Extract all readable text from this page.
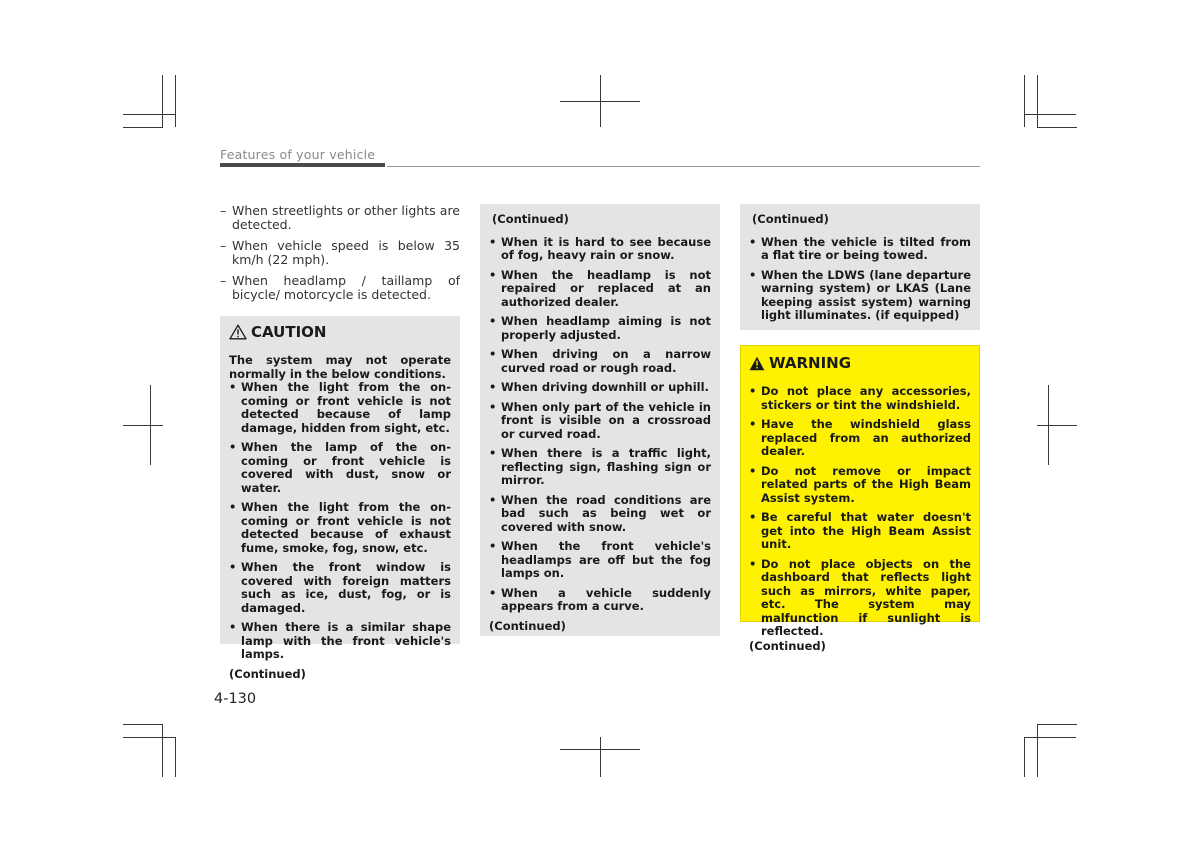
Features of your vehicle
– When streetlights or other lights are detected.
– When vehicle speed is below 35 km/h (22 mph).
– When headlamp / taillamp of bicycle/ motorcycle is detected.
CAUTION

The system may not operate normally in the below conditions.

• When the light from the on-coming or front vehicle is not detected because of lamp damage, hidden from sight, etc.
• When the lamp of the on-coming or front vehicle is covered with dust, snow or water.
• When the light from the on-coming or front vehicle is not detected because of exhaust fume, smoke, fog, snow, etc.
• When the front window is covered with foreign matters such as ice, dust, fog, or is damaged.
• When there is a similar shape lamp with the front vehicle's lamps.
(Continued)
(Continued)
• When it is hard to see because of fog, heavy rain or snow.
• When the headlamp is not repaired or replaced at an authorized dealer.
• When headlamp aiming is not properly adjusted.
• When driving on a narrow curved road or rough road.
• When driving downhill or uphill.
• When only part of the vehicle in front is visible on a crossroad or curved road.
• When there is a traffic light, reflecting sign, flashing sign or mirror.
• When the road conditions are bad such as being wet or covered with snow.
• When the front vehicle's headlamps are off but the fog lamps on.
• When a vehicle suddenly appears from a curve.
(Continued)
(Continued)
• When the vehicle is tilted from a flat tire or being towed.
• When the LDWS (lane departure warning system) or LKAS (Lane keeping assist system) warning light illuminates. (if equipped)
WARNING
• Do not place any accessories, stickers or tint the windshield.
• Have the windshield glass replaced from an authorized dealer.
• Do not remove or impact related parts of the High Beam Assist system.
• Be careful that water doesn't get into the High Beam Assist unit.
• Do not place objects on the dashboard that reflects light such as mirrors, white paper, etc. The system may malfunction if sunlight is reflected.
(Continued)
4-130
